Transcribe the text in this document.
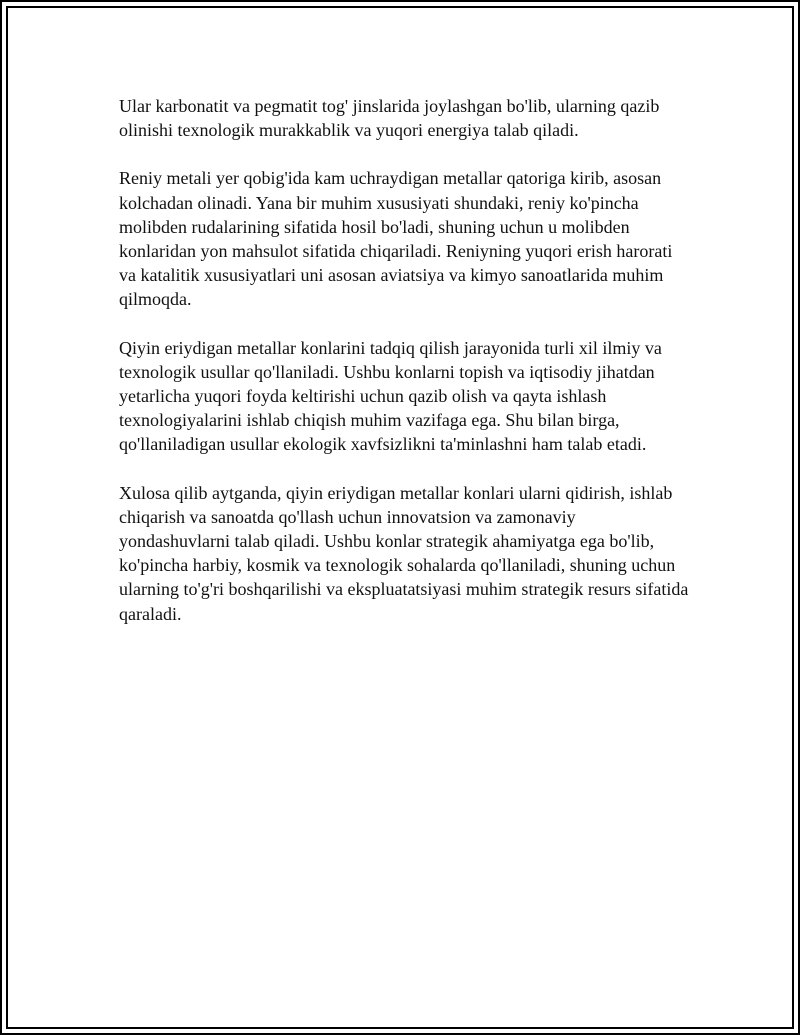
Ular karbonatit va pegmatit tog' jinslarida joylashgan bo'lib, ularning qazib olinishi texnologik murakkablik va yuqori energiya talab qiladi.

Reniy metali yer qobig'ida kam uchraydigan metallar qatoriga kirib, asosan kolchadan olinadi. Yana bir muhim xususiyati shundaki, reniy ko'pincha molibden rudalarining sifatida hosil bo'ladi, shuning uchun u molibden konlaridan yon mahsulot sifatida chiqariladi. Reniyning yuqori erish harorati va katalitik xususiyatlari uni asosan aviatsiya va kimyo sanoatlarida muhim qilmoqda.

Qiyin eriydigan metallar konlarini tadqiq qilish jarayonida turli xil ilmiy va texnologik usullar qo'llaniladi. Ushbu konlarni topish va iqtisodiy jihatdan yetarlicha yuqori foyda keltirishi uchun qazib olish va qayta ishlash texnologiyalarini ishlab chiqish muhim vazifaga ega. Shu bilan birga, qo'llaniladigan usullar ekologik xavfsizlikni ta'minlashni ham talab etadi.

Xulosa qilib aytganda, qiyin eriydigan metallar konlari ularni qidirish, ishlab chiqarish va sanoatda qo'llash uchun innovatsion va zamonaviy yondashuvlarni talab qiladi. Ushbu konlar strategik ahamiyatga ega bo'lib, ko'pincha harbiy, kosmik va texnologik sohalarda qo'llaniladi, shuning uchun ularning to'g'ri boshqarilishi va ekspluatatsiyasi muhim strategik resurs sifatida qaraladi.
